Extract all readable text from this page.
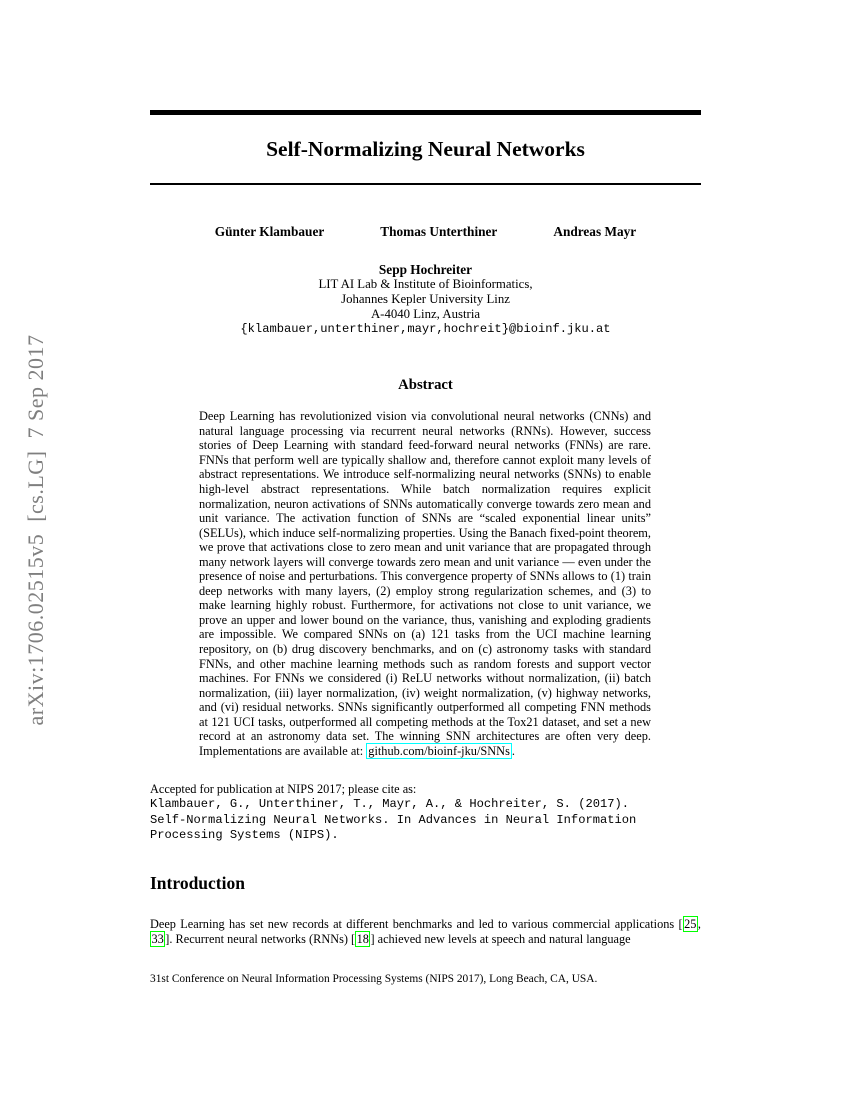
arXiv:1706.02515v5  [cs.LG]  7 Sep 2017
Self-Normalizing Neural Networks
Günter Klambauer	Thomas Unterthiner	Andreas Mayr
Sepp Hochreiter
LIT AI Lab & Institute of Bioinformatics,
Johannes Kepler University Linz
A-4040 Linz, Austria
{klambauer,unterthiner,mayr,hochreit}@bioinf.jku.at
Abstract

Deep Learning has revolutionized vision via convolutional neural networks (CNNs) and natural language processing via recurrent neural networks (RNNs). However, success stories of Deep Learning with standard feed-forward neural networks (FNNs) are rare. FNNs that perform well are typically shallow and, therefore cannot exploit many levels of abstract representations. We introduce self-normalizing neural networks (SNNs) to enable high-level abstract representations. While batch normalization requires explicit normalization, neuron activations of SNNs automatically converge towards zero mean and unit variance. The activation function of SNNs are “scaled exponential linear units” (SELUs), which induce self-normalizing properties. Using the Banach fixed-point theorem, we prove that activations close to zero mean and unit variance that are propagated through many network layers will converge towards zero mean and unit variance — even under the presence of noise and perturbations. This convergence property of SNNs allows to (1) train deep networks with many layers, (2) employ strong regularization schemes, and (3) to make learning highly robust. Furthermore, for activations not close to unit variance, we prove an upper and lower bound on the variance, thus, vanishing and exploding gradients are impossible. We compared SNNs on (a) 121 tasks from the UCI machine learning repository, on (b) drug discovery benchmarks, and on (c) astronomy tasks with standard FNNs, and other machine learning methods such as random forests and support vector machines. For FNNs we considered (i) ReLU networks without normalization, (ii) batch normalization, (iii) layer normalization, (iv) weight normalization, (v) highway networks, and (vi) residual networks. SNNs significantly outperformed all competing FNN methods at 121 UCI tasks, outperformed all competing methods at the Tox21 dataset, and set a new record at an astronomy data set. The winning SNN architectures are often very deep. Implementations are available at: github.com/bioinf-jku/SNNs .

Accepted for publication at NIPS 2017; please cite as:
Klambauer, G., Unterthiner, T., Mayr, A., & Hochreiter, S. (2017).
Self-Normalizing Neural Networks. In Advances in Neural Information
Processing Systems (NIPS).
Introduction

Deep Learning has set new records at different benchmarks and led to various commercial applications [ 25 , 33 ]. Recurrent neural networks (RNNs) [ 18 ] achieved new levels at speech and natural language

31st Conference on Neural Information Processing Systems (NIPS 2017), Long Beach, CA, USA.
